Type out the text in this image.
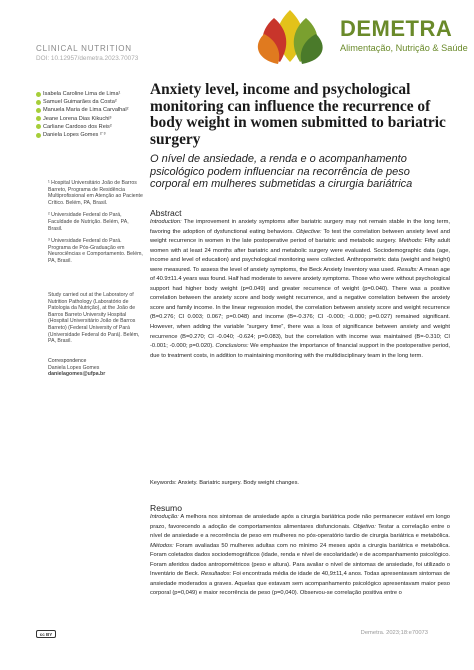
DEMETRA
Alimentação, Nutrição & Saúde
CLINICAL NUTRITION
DOI: 10.12957/demetra.2023.70073
Isabela Caroline Lima de Lima¹
Samuel Guimarães da Costa²
Manuela Maria de Lima Carvalhal²
Jeane Lorena Dias Kikuchi³
Carliane Cardoso dos Reis²
Daniela Lopes Gomes ²˙³

¹ Hospital Universitário João de Barros Barreto, Programa de Residência Multiprofissional em Atenção ao Paciente Crítico. Belém, PA, Brasil.

² Universidade Federal do Pará, Faculdade de Nutrição. Belém, PA, Brasil.

³ Universidade Federal do Pará. Programa de Pós-Graduação em Neurociências e Comportamento. Belém, PA, Brasil.

Study carried out at the Laboratory of Nutrition Pathology (Laboratório de Patologia da Nutrição), at the João de Barros Barreto University Hospital (Hospital Universitário João de Barros Barreto) (Federal University of Pará (Universidade Federal do Pará). Belém, PA, Brasil.

Correspondence
Daniela Lopes Gomes
danielagomes@ufpa.br
Anxiety level, income and psychological monitoring can influence the recurrence of body weight in women submitted to bariatric surgery
O nível de ansiedade, a renda e o acompanhamento psicológico podem influenciar na recorrência de peso corporal em mulheres submetidas a cirurgia bariátrica
Abstract
Introduction: The improvement in anxiety symptoms after bariatric surgery may not remain stable in the long term, favoring the adoption of dysfunctional eating behaviors. Objective: To test the correlation between anxiety level and weight recurrence in women in the late postoperative period of bariatric and metabolic surgery. Methods: Fifty adult women with at least 24 months after bariatric and metabolic surgery were evaluated. Sociodemographic data (age, income and level of education) and psychological monitoring were collected. Anthropometric data (weight and height) were measured. To assess the level of anxiety symptoms, the Beck Anxiety Inventory was used. Results: A mean age of 40.9±11.4 years was found. Half had moderate to severe anxiety symptoms. Those who were without psychological support had higher body weight (p=0.049) and greater recurrence of weight (p=0.040). There was a positive correlation between the anxiety score and body weight recurrence, and a negative correlation between the anxiety score and family income. In the linear regression model, the correlation between anxiety score and weight recurrence (B=0.276; CI 0.003; 0.067; p=0.048) and income (B=-0.376; CI -0.000; -0.000; p=0.027) remained significant. However, when adding the variable “surgery time”, there was a loss of significance between anxiety and weight recurrence (B=0.270; CI -0.040; -0.624; p=0.083), but the correlation with income was maintained (B=-0.310; CI -0.001; -0.000; p=0.020). Conclusions: We emphasize the importance of financial support in the postoperative period, due to treatment costs, in addition to maintaining monitoring with the multidisciplinary team in the long term.
Keywords: Anxiety. Bariatric surgery. Body weight changes.
Resumo
Introdução: A melhora nos sintomas de ansiedade após a cirurgia bariátrica pode não permanecer estável em longo prazo, favorecendo a adoção de comportamentos alimentares disfuncionais. Objetivo: Testar a correlação entre o nível de ansiedade e a recorrência de peso em mulheres no pós-operatório tardio de cirurgia bariátrica e metabólica. Métodos: Foram avaliadas 50 mulheres adultas com no mínimo 24 meses após a cirurgia bariátrica e metabólica. Foram coletados dados sociodemográficos (idade, renda e nível de escolaridade) e de acompanhamento psicológico. Foram aferidos dados antropométricos (peso e altura). Para avaliar o nível de sintomas de ansiedade, foi utilizado o Inventário de Beck. Resultados: Foi encontrada média de idade de 40,9±11,4 anos. Todas apresentavam sintomas de ansiedade moderados a graves. Aquelas que estavam sem acompanhamento psicológico apresentavam maior peso corporal (p=0,049) e maior recorrência de peso (p=0,040). Observou-se correlação positiva entre o
cc BY	Demetra. 2023;18:e70073
